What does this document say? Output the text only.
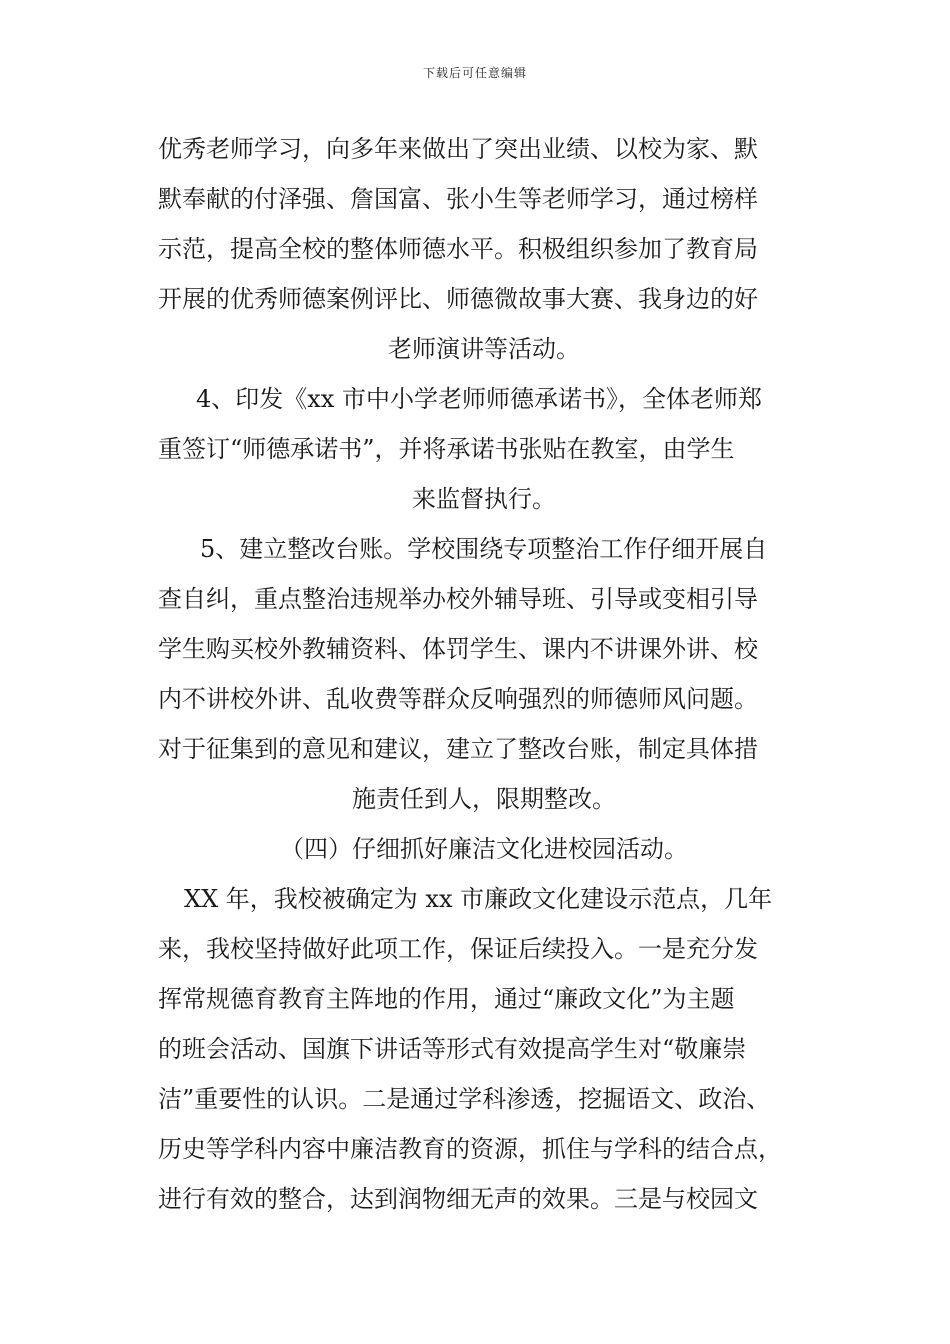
下载后可任意编辑
优秀老师学习，向多年来做出了突出业绩、以校为家、默
默奉献的付泽强、詹国富、张小生等老师学习，通过榜样
示范，提高全校的整体师德水平。积极组织参加了教育局
开展的优秀师德案例评比、师德微故事大赛、我身边的好
老师演讲等活动。
4、印发《xx 市中小学老师师德承诺书》，全体老师郑
重签订“师德承诺书”，并将承诺书张贴在教室，由学生
来监督执行。
5、建立整改台账。学校围绕专项整治工作仔细开展自
查自纠，重点整治违规举办校外辅导班、引导或变相引导
学生购买校外教辅资料、体罚学生、课内不讲课外讲、校
内不讲校外讲、乱收费等群众反响强烈的师德师风问题。
对于征集到的意见和建议，建立了整改台账，制定具体措
施责任到人，限期整改。
（四）仔细抓好廉洁文化进校园活动。
XX 年，我校被确定为 xx 市廉政文化建设示范点，几年
来，我校坚持做好此项工作，保证后续投入。一是充分发
挥常规德育教育主阵地的作用，通过“廉政文化”为主题
的班会活动、国旗下讲话等形式有效提高学生对“敬廉崇
洁”重要性的认识。二是通过学科渗透，挖掘语文、政治、
历史等学科内容中廉洁教育的资源，抓住与学科的结合点，
进行有效的整合，达到润物细无声的效果。三是与校园文
